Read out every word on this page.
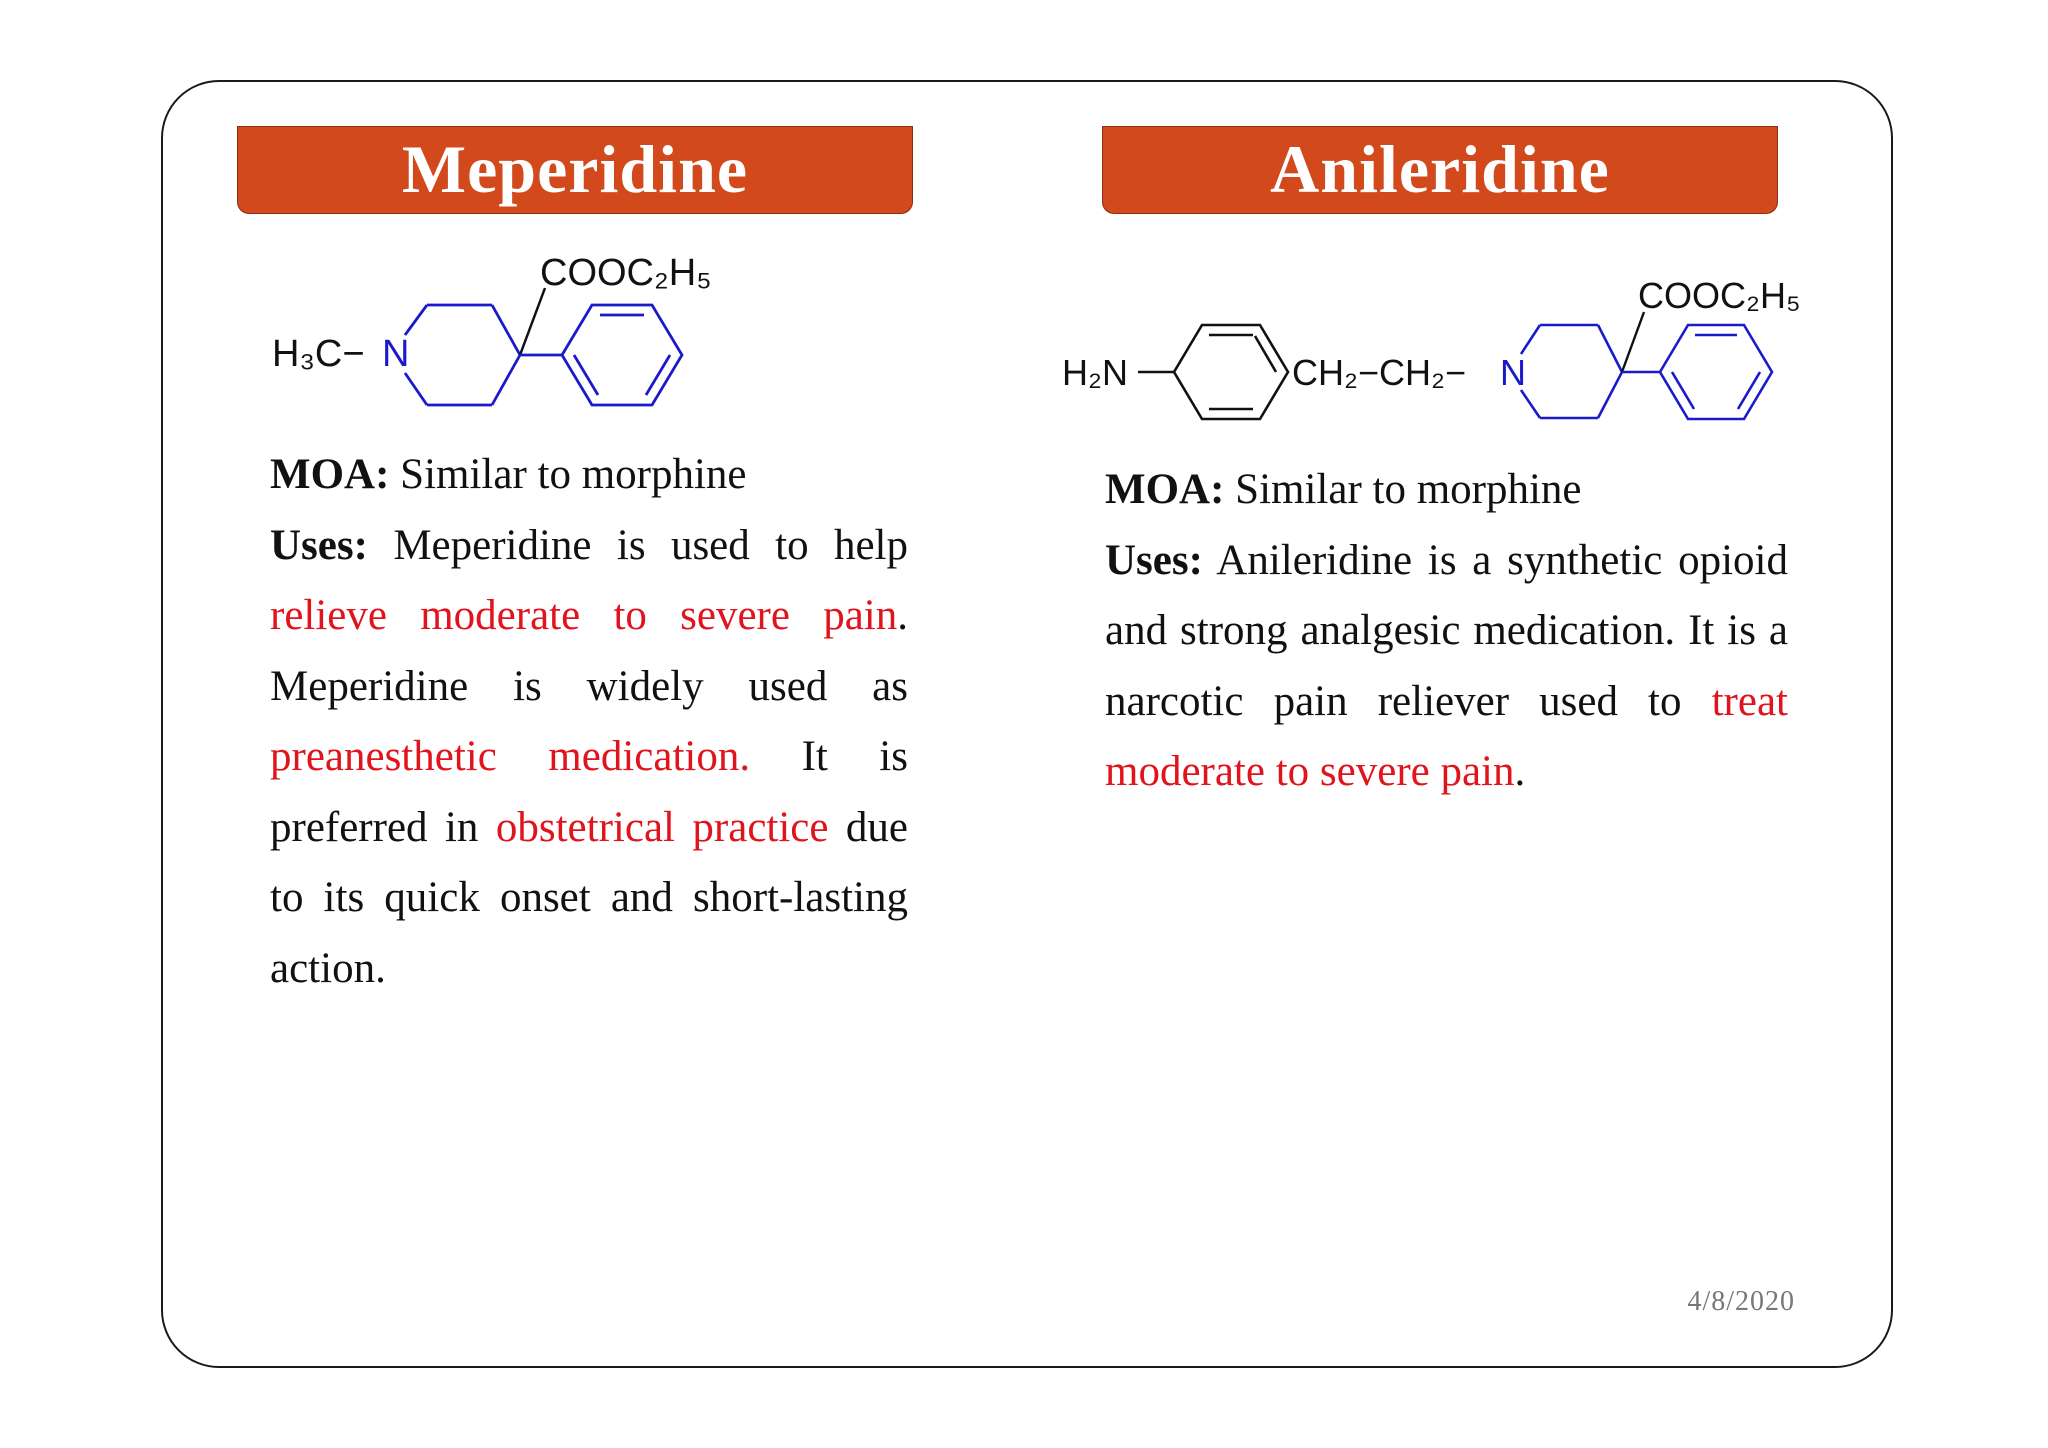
Meperidine	Anileridine
H₃C− N
COOC₂H₅
H₂N	CH₂−CH₂− N
COOC₂H₅
MOA: Similar to morphine
Uses: Meperidine is used to help relieve moderate to severe pain. Meperidine is widely used as preanesthetic medication. It is preferred in obstetrical practice due to its quick onset and short-lasting action.
MOA: Similar to morphine
Uses: Anileridine is a synthetic opioid and strong analgesic medication. It is a narcotic pain reliever used to treat moderate to severe pain.
4/8/2020
